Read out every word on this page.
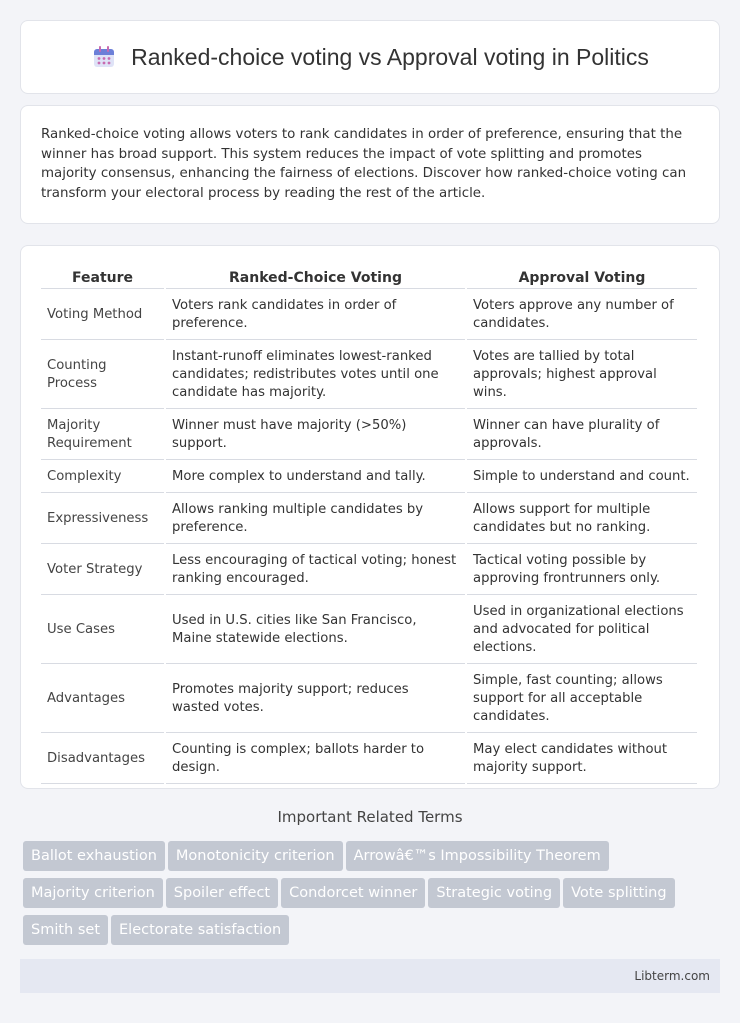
Ranked-choice voting vs Approval voting in Politics

Ranked-choice voting allows voters to rank candidates in order of preference, ensuring that the winner has broad support. This system reduces the impact of vote splitting and promotes majority consensus, enhancing the fairness of elections. Discover how ranked-choice voting can transform your electoral process by reading the rest of the article.

Feature	Ranked-Choice Voting	Approval Voting
Voting Method	Voters rank candidates in order of preference.	Voters approve any number of candidates.
Counting Process	Instant-runoff eliminates lowest-ranked candidates; redistributes votes until one candidate has majority.	Votes are tallied by total approvals; highest approval wins.
Majority Requirement	Winner must have majority (>50%) support.	Winner can have plurality of approvals.
Complexity	More complex to understand and tally.	Simple to understand and count.
Expressiveness	Allows ranking multiple candidates by preference.	Allows support for multiple candidates but no ranking.
Voter Strategy	Less encouraging of tactical voting; honest ranking encouraged.	Tactical voting possible by approving frontrunners only.
Use Cases	Used in U.S. cities like San Francisco, Maine statewide elections.	Used in organizational elections and advocated for political elections.
Advantages	Promotes majority support; reduces wasted votes.	Simple, fast counting; allows support for all acceptable candidates.
Disadvantages	Counting is complex; ballots harder to design.	May elect candidates without majority support.
Important Related Terms
Ballot exhaustion Monotonicity criterion Arrowâ€™s Impossibility Theorem
Majority criterion Spoiler effect Condorcet winner Strategic voting Vote splitting
Smith set Electorate satisfaction
Libterm.com
